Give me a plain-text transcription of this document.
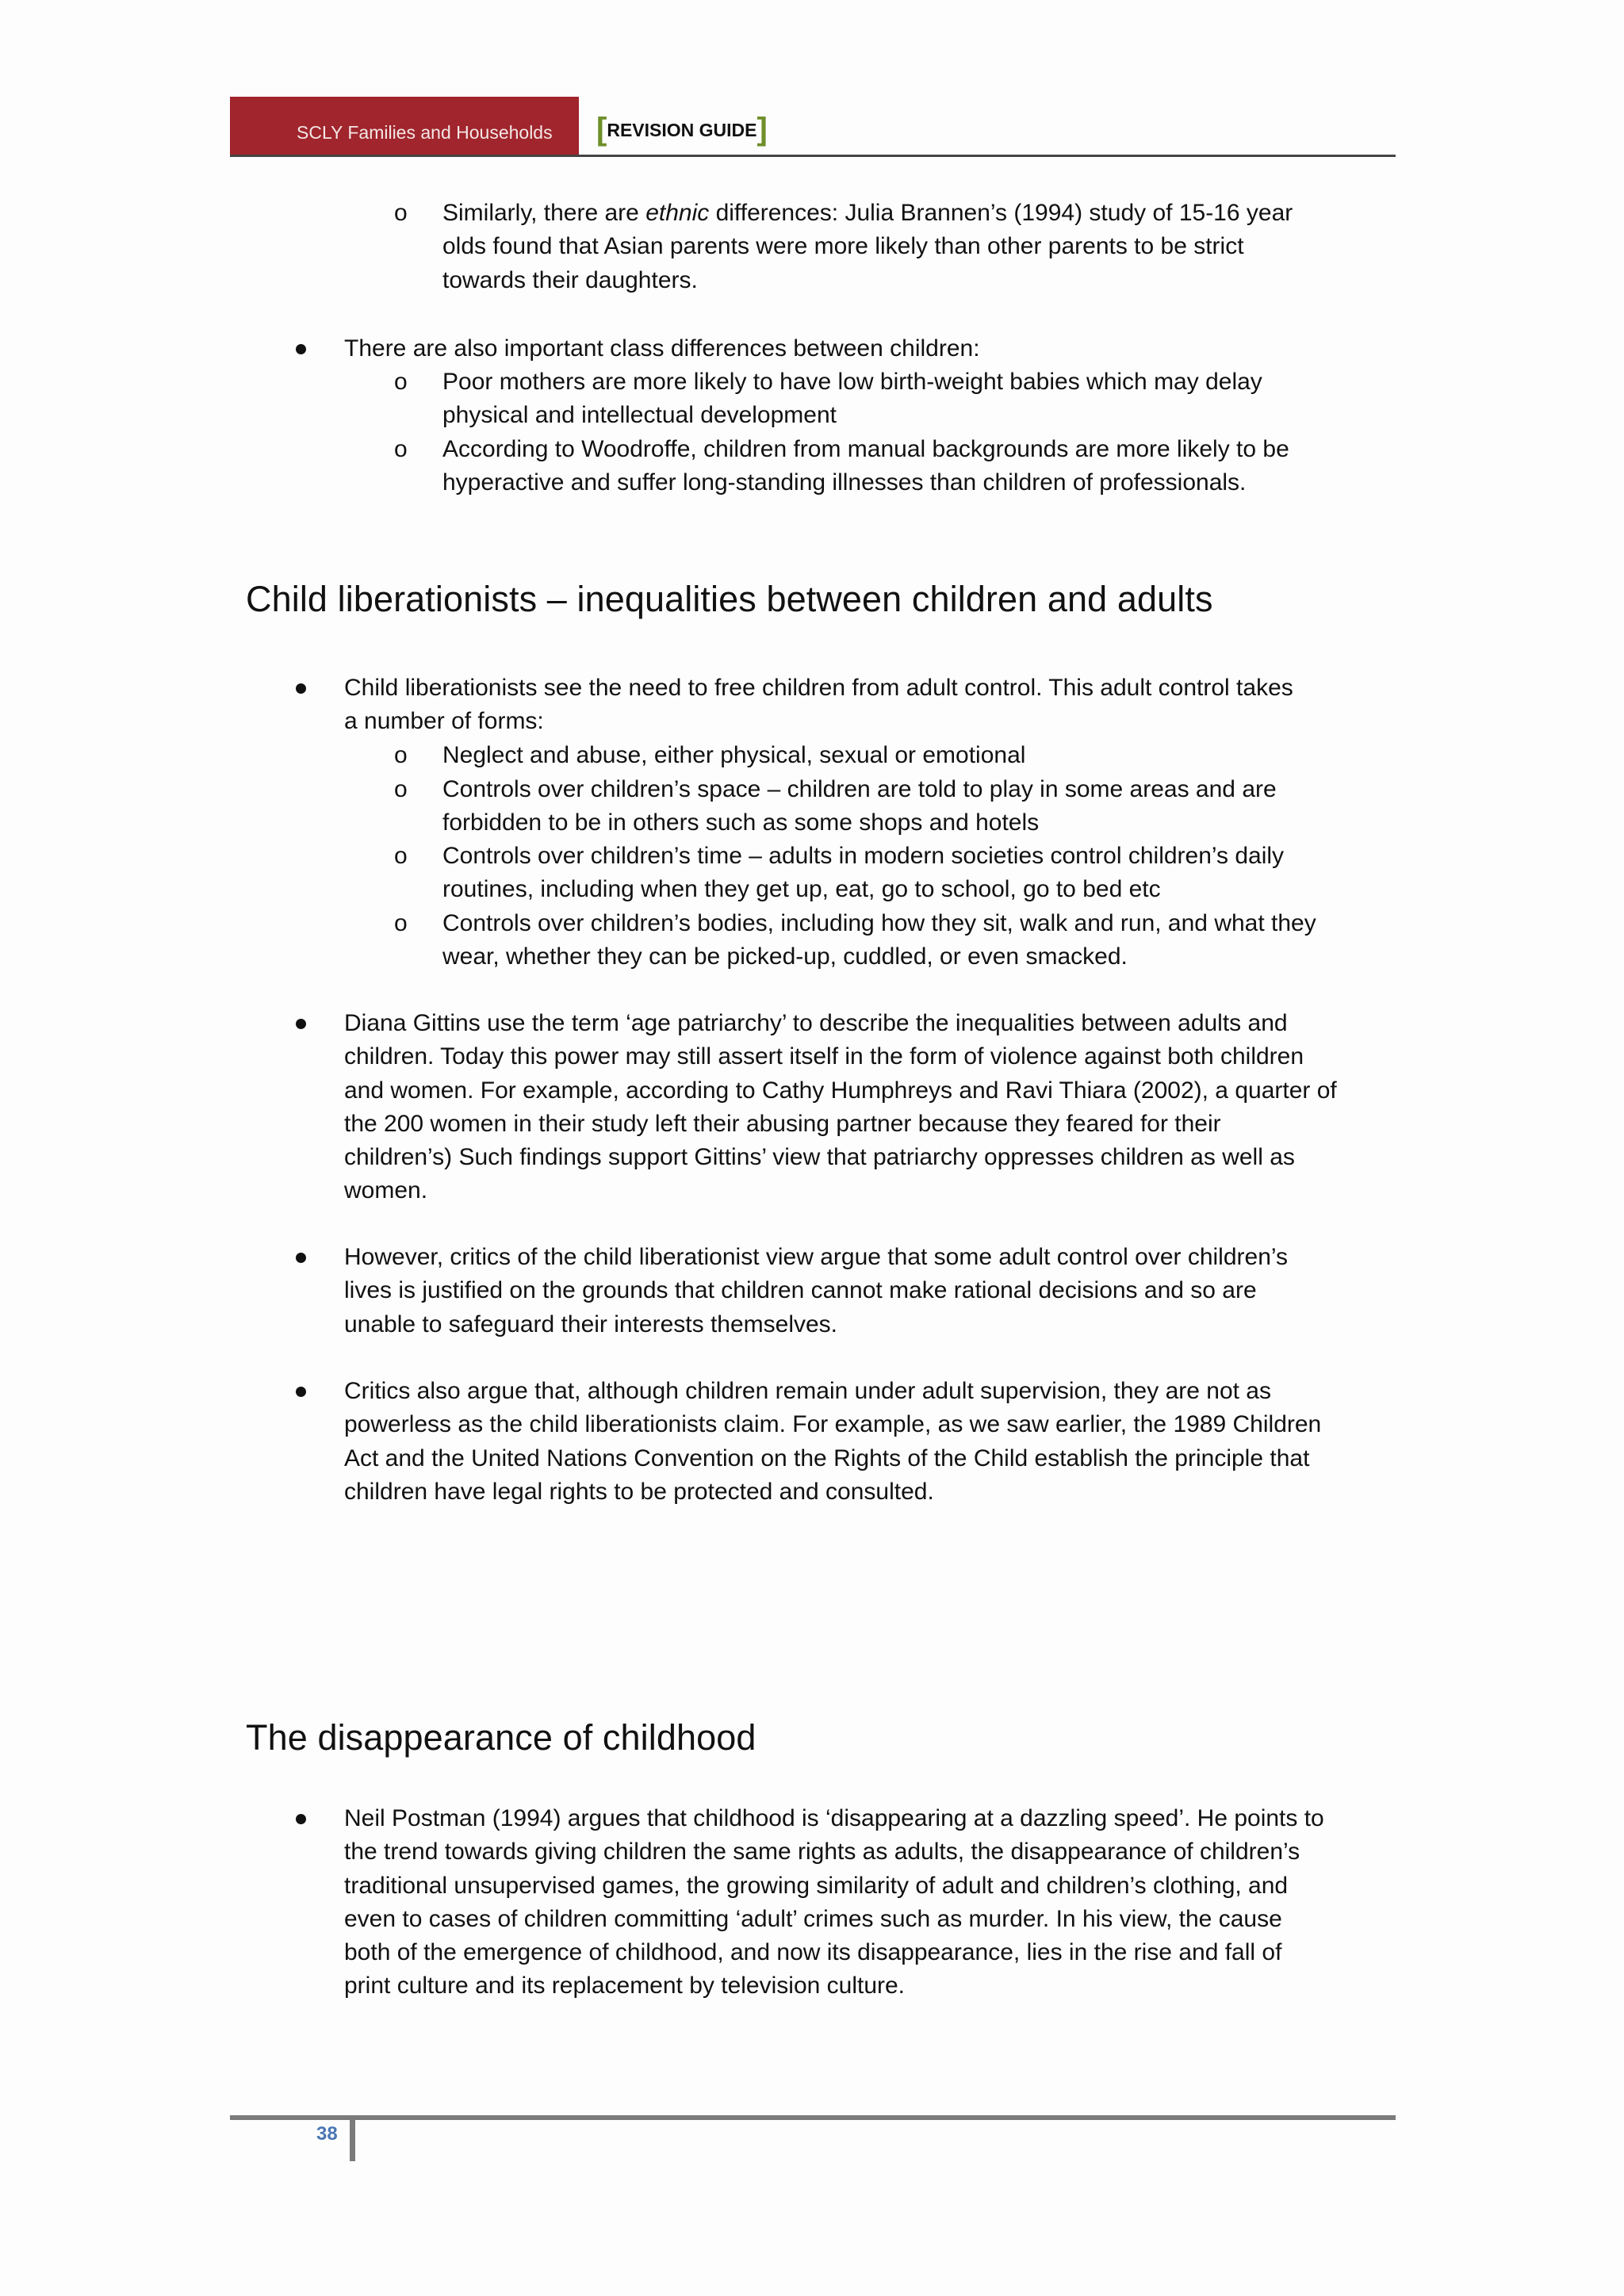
SCLY Families and Households [REVISION GUIDE]
o Similarly, there are ethnic differences: Julia Brannen’s (1994) study of 15-16 year
olds found that Asian parents were more likely than other parents to be strict
towards their daughters.
There are also important class differences between children:
o Poor mothers are more likely to have low birth-weight babies which may delay
physical and intellectual development
o According to Woodroffe, children from manual backgrounds are more likely to be
hyperactive and suffer long-standing illnesses than children of professionals.
Child liberationists – inequalities between children and adults
Child liberationists see the need to free children from adult control. This adult control takes
a number of forms:
o Neglect and abuse, either physical, sexual or emotional
o Controls over children’s space – children are told to play in some areas and are
forbidden to be in others such as some shops and hotels
o Controls over children’s time – adults in modern societies control children’s daily
routines, including when they get up, eat, go to school, go to bed etc
o Controls over children’s bodies, including how they sit, walk and run, and what they
wear, whether they can be picked-up, cuddled, or even smacked.
Diana Gittins use the term ‘age patriarchy’ to describe the inequalities between adults and
children. Today this power may still assert itself in the form of violence against both children
and women. For example, according to Cathy Humphreys and Ravi Thiara (2002), a quarter of
the 200 women in their study left their abusing partner because they feared for their
children’s) Such findings support Gittins’ view that patriarchy oppresses children as well as
women.
However, critics of the child liberationist view argue that some adult control over children’s
lives is justified on the grounds that children cannot make rational decisions and so are
unable to safeguard their interests themselves.
Critics also argue that, although children remain under adult supervision, they are not as
powerless as the child liberationists claim. For example, as we saw earlier, the 1989 Children
Act and the United Nations Convention on the Rights of the Child establish the principle that
children have legal rights to be protected and consulted.
The disappearance of childhood
Neil Postman (1994) argues that childhood is ‘disappearing at a dazzling speed’. He points to
the trend towards giving children the same rights as adults, the disappearance of children’s
traditional unsupervised games, the growing similarity of adult and children’s clothing, and
even to cases of children committing ‘adult’ crimes such as murder. In his view, the cause
both of the emergence of childhood, and now its disappearance, lies in the rise and fall of
print culture and its replacement by television culture.
38
